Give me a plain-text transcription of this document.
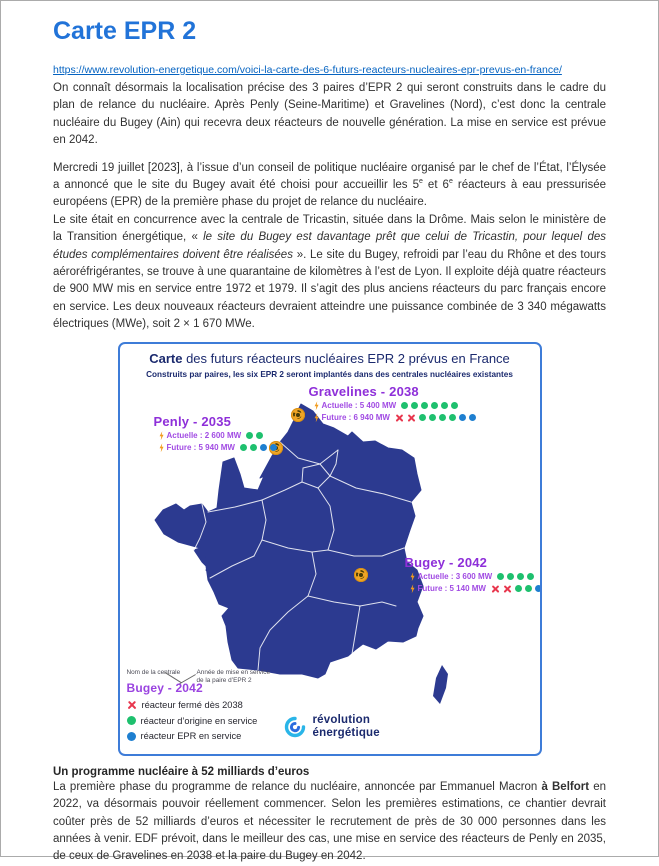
Carte EPR 2
https://www.revolution-energetique.com/voici-la-carte-des-6-futurs-reacteurs-nucleaires-epr-prevus-en-france/

On connaît désormais la localisation précise des 3 paires d’EPR 2 qui seront construits dans le cadre du plan de relance du nucléaire. Après Penly (Seine-Maritime) et Gravelines (Nord), c’est donc la centrale nucléaire du Bugey (Ain) qui recevra deux réacteurs de nouvelle génération. La mise en service est prévue en 2042.

Mercredi 19 juillet [2023], à l’issue d’un conseil de politique nucléaire organisé par le chef de l’État, l’Élysée a annoncé que le site du Bugey avait été choisi pour accueillir les 5e et 6e réacteurs à eau pressurisée européens (EPR) de la première phase du projet de relance du nucléaire.
Le site était en concurrence avec la centrale de Tricastin, située dans la Drôme. Mais selon le ministère de la Transition énergétique, « le site du Bugey est davantage prêt que celui de Tricastin, pour lequel des études complémentaires doivent être réalisées ». Le site du Bugey, refroidi par l’eau du Rhône et des tours aéroréfrigérantes, se trouve à une quarantaine de kilomètres à l’est de Lyon. Il exploite déjà quatre réacteurs de 900 MW mis en service entre 1972 et 1979. Il s’agit des plus anciens réacteurs du parc français encore en service. Les deux nouveaux réacteurs devraient atteindre une puissance combinée de 3 340 mégawatts électriques (MWe), soit 2 × 1 670 MWe.

Carte des futurs réacteurs nucléaires EPR 2 prévus en France
Construits par paires, les six EPR 2 seront implantés dans des centrales nucléaires existantes
Penly - 2035
Actuelle : 2 600 MW
Future : 5 940 MW
Gravelines - 2038
Actuelle : 5 400 MW
Future : 6 940 MW
Bugey - 2042
Actuelle : 3 600 MW
Future : 5 140 MW
Nom de la centrale	Année de mise en service
de la paire d’EPR 2
Bugey - 2042
réacteur fermé dès 2038
réacteur d’origine en service
réacteur EPR en service
révolution
énergétique
Un programme nucléaire à 52 milliards d’euros

La première phase du programme de relance du nucléaire, annoncée par Emmanuel Macron à Belfort en 2022, va désormais pouvoir réellement commencer. Selon les premières estimations, ce chantier devrait coûter près de 52 milliards d’euros et nécessiter le recrutement de près de 30 000 personnes dans les années à venir. EDF prévoit, dans le meilleur des cas, une mise en service des réacteurs de Penly en 2035, de ceux de Gravelines en 2038 et la paire du Bugey en 2042.
